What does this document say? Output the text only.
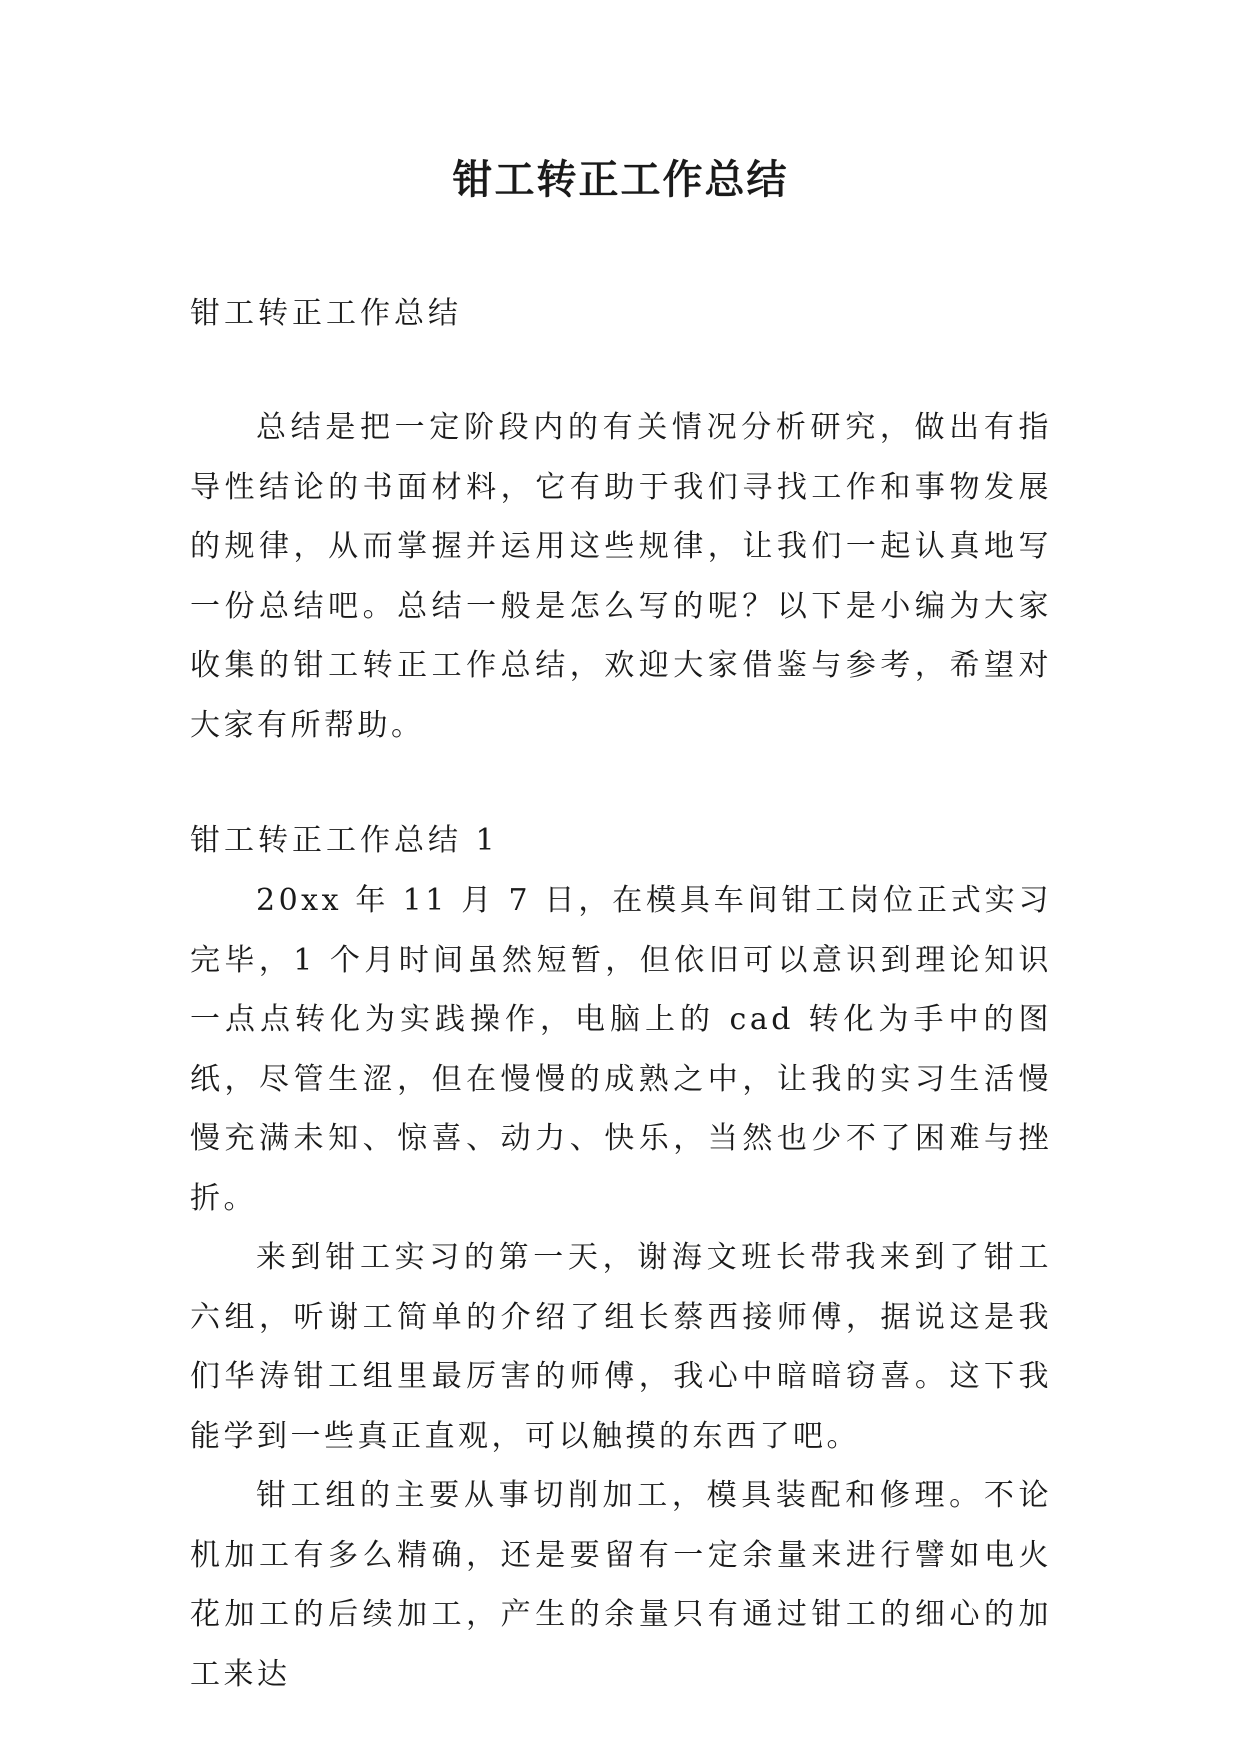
钳工转正工作总结

钳工转正工作总结

总结是把一定阶段内的有关情况分析研究，做出有指导性结论的书面材料，它有助于我们寻找工作和事物发展的规律，从而掌握并运用这些规律，让我们一起认真地写一份总结吧。总结一般是怎么写的呢？以下是小编为大家收集的钳工转正工作总结，欢迎大家借鉴与参考，希望对大家有所帮助。

钳工转正工作总结 1

20xx 年 11 月 7 日，在模具车间钳工岗位正式实习完毕，1 个月时间虽然短暂，但依旧可以意识到理论知识一点点转化为实践操作，电脑上的 cad 转化为手中的图纸，尽管生涩，但在慢慢的成熟之中，让我的实习生活慢慢充满未知、惊喜、动力、快乐，当然也少不了困难与挫折。

来到钳工实习的第一天，谢海文班长带我来到了钳工六组，听谢工简单的介绍了组长蔡西接师傅，据说这是我们华涛钳工组里最厉害的师傅，我心中暗暗窃喜。这下我能学到一些真正直观，可以触摸的东西了吧。

钳工组的主要从事切削加工，模具装配和修理。不论机加工有多么精确，还是要留有一定余量来进行譬如电火花加工的后续加工，产生的余量只有通过钳工的细心的加工来达
